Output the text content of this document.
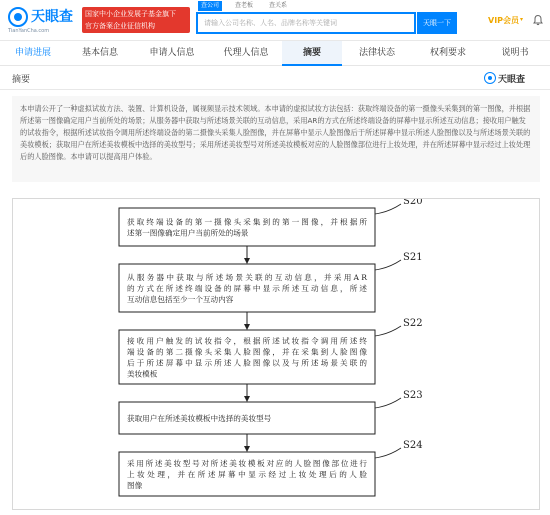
天眼查
TianYanCha.com
国家中小企业发展子基金旗下
官方备案企业征信机构
查公司	查老板	查关系
请输入公司名称、人名、品牌名称等关键词
天眼一下	VIP会员 ▾
申请进展	基本信息	申请人信息	代理人信息	摘要	法律状态	权利要求	说明书
摘要	天眼查
本申请公开了一种虚拟试妆方法、装置、计算机设备，属视频显示技术领域。本申请的虚拟试妆方法包括：获取终端设备的第一摄像头采集到的第一图像，并根据所述第一图像确定用户当前所处的场景；从服务器中获取与所述场景关联的互动信息，采用AR的方式在所述终端设备的屏幕中显示所述互动信息；接收用户触发的试妆指令，根据所述试妆指令调用所述终端设备的第二摄像头采集人脸图像，并在屏幕中显示人脸图像后于所述屏幕中显示所述人脸图像以及与所述场景关联的美妆模板；获取用户在所述美妆模板中选择的美妆型号；采用所述美妆型号对所述美妆模板对应的人脸图像部位进行上妆处理，并在所述屏幕中显示经过上妆处理后的人脸图像。本申请可以提高用户体验。
获取终端设备的第一摄像头采集到的第一图像，并根据所
述第一图像确定用户当前所处的场景
S20
从服务器中获取与所述场景关联的互动信息，并采用AR
的方式在所述终端设备的屏幕中显示所述互动信息，所述
互动信息包括至少一个互动内容
S21
接收用户触发的试妆指令，根据所述试妆指令调用所述终
端设备的第二摄像头采集人脸图像，并在采集到人脸图像
后于所述屏幕中显示所述人脸图像以及与所述场景关联的
美妆模板
S22
获取用户在所述美妆模板中选择的美妆型号
S23
采用所述美妆型号对所述美妆模板对应的人脸图像部位进行
上妆处理，并在所述屏幕中显示经过上妆处理后的人脸
图像
S24
